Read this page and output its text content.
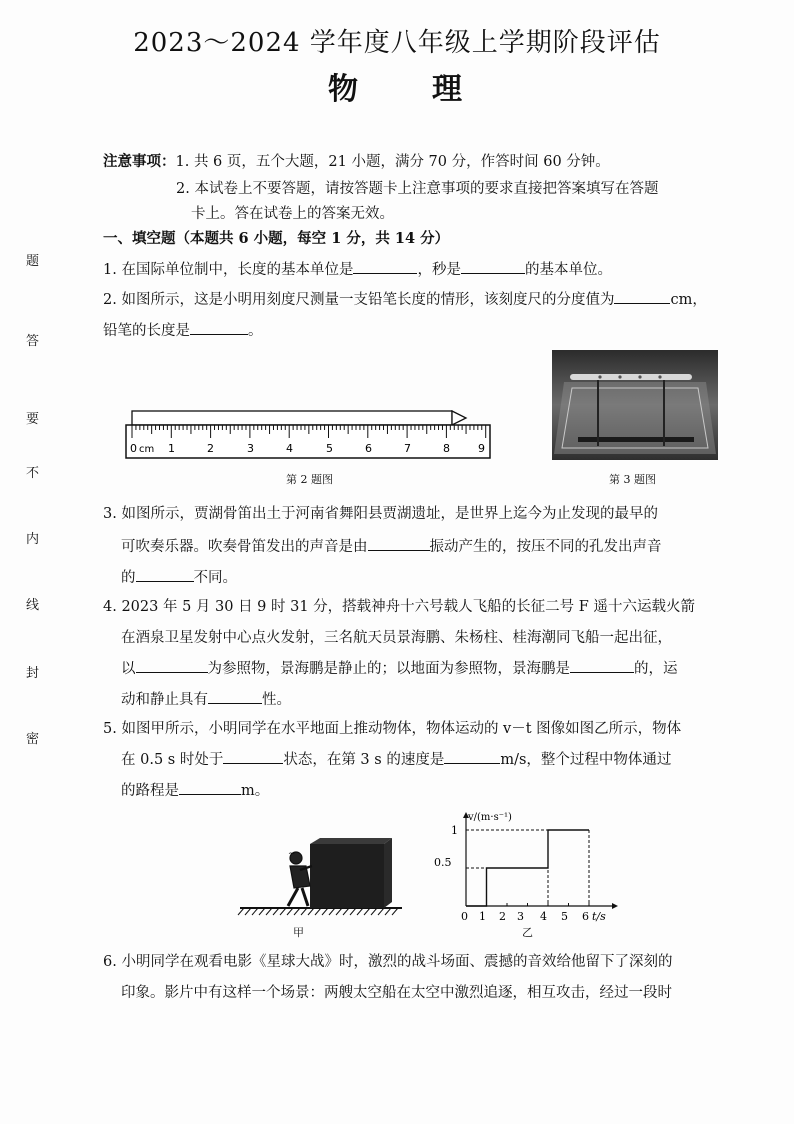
2023～2024 学年度八年级上学期阶段评估
物理
题
答
要
不
内
线
封
密
注意事项：1. 共 6 页，五个大题，21 小题，满分 70 分，作答时间 60 分钟。
2. 本试卷上不要答题，请按答题卡上注意事项的要求直接把答案填写在答题
卡上。答在试卷上的答案无效。
一、填空题（本题共 6 小题，每空 1 分，共 14 分）
1. 在国际单位制中，长度的基本单位是	，秒是	的基本单位。
2. 如图所示，这是小明用刻度尺测量一支铅笔长度的情形，该刻度尺的分度值为	cm，
铅笔的长度是	。
0 cm 1	2	3	4	5	6	7	8	9
第 2 题图	第 3 题图
3. 如图所示，贾湖骨笛出土于河南省舞阳县贾湖遗址，是世界上迄今为止发现的最早的
可吹奏乐器。吹奏骨笛发出的声音是由	振动产生的，按压不同的孔发出声音
的	不同。
4. 2023 年 5 月 30 日 9 时 31 分，搭载神舟十六号载人飞船的长征二号 F 遥十六运载火箭
在酒泉卫星发射中心点火发射，三名航天员景海鹏、朱杨柱、桂海潮同飞船一起出征，
以	为参照物，景海鹏是静止的；以地面为参照物，景海鹏是	的，运
动和静止具有	性。
5. 如图甲所示，小明同学在水平地面上推动物体，物体运动的 v－t 图像如图乙所示，物体
在 0.5 s 时处于	状态，在第 3 s 的速度是	m/s，整个过程中物体通过
的路程是	m。
~
甲
v/(m·s⁻¹)
1
0.5
0 1 2 3 4 5 6 t/s
乙
6. 小明同学在观看电影《星球大战》时，激烈的战斗场面、震撼的音效给他留下了深刻的
印象。影片中有这样一个场景：两艘太空船在太空中激烈追逐，相互攻击，经过一段时
